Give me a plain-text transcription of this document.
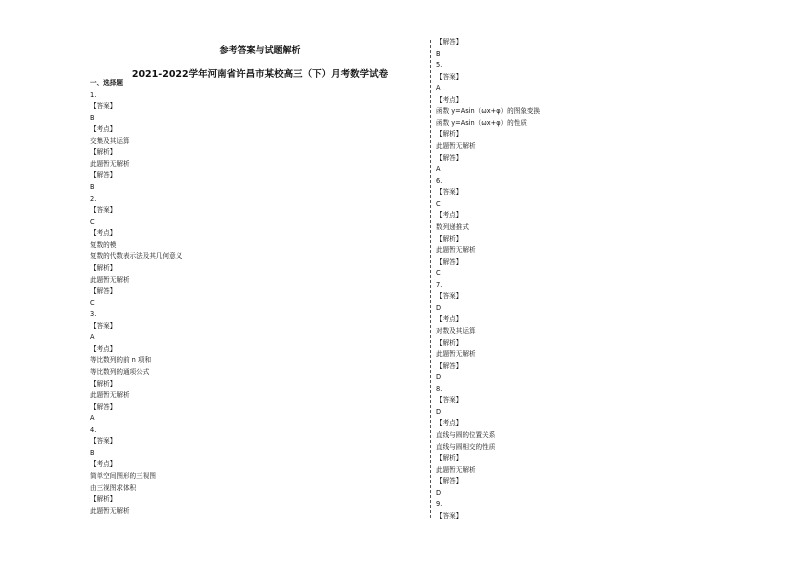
参考答案与试题解析
2021-2022学年河南省许昌市某校高三（下）月考数学试卷
一、选择题
1.
【答案】
B
【考点】
交集及其运算
【解析】
此题暂无解析
【解答】
B
2.
【答案】
C
【考点】
复数的模
复数的代数表示法及其几何意义
【解析】
此题暂无解析
【解答】
C
3.
【答案】
A
【考点】
等比数列的前 n 项和
等比数列的通项公式
【解析】
此题暂无解析
【解答】
A
4.
【答案】
B
【考点】
简单空间图形的三视图
由三视图求体积
【解析】
此题暂无解析
【解答】
B
5.
【答案】
A
【考点】
函数 y=Asin（ωx+φ）的图象变换
函数 y=Asin（ωx+φ）的性质
【解析】
此题暂无解析
【解答】
A
6.
【答案】
C
【考点】
数列递推式
【解析】
此题暂无解析
【解答】
C
7.
【答案】
D
【考点】
对数及其运算
【解析】
此题暂无解析
【解答】
D
8.
【答案】
D
【考点】
直线与圆的位置关系
直线与圆相交的性质
【解析】
此题暂无解析
【解答】
D
9.
【答案】
